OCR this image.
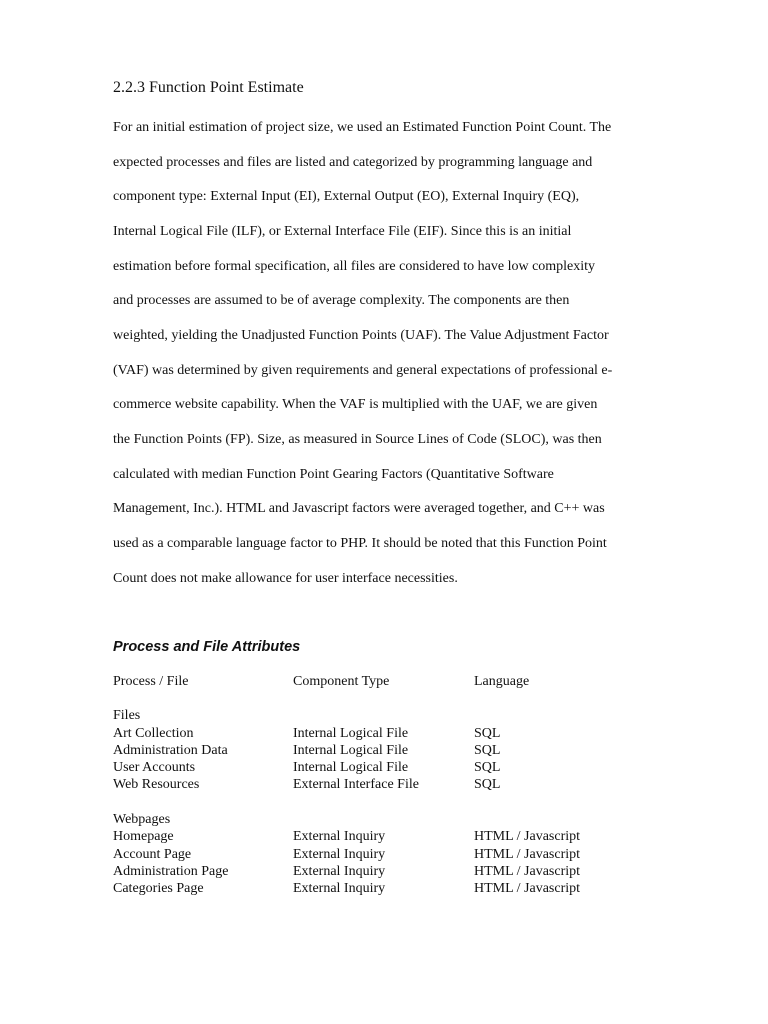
2.2.3 Function Point Estimate
For an initial estimation of project size, we used an Estimated Function Point Count. The
expected processes and files are listed and categorized by programming language and
component type: External Input (EI), External Output (EO), External Inquiry (EQ),
Internal Logical File (ILF), or External Interface File (EIF). Since this is an initial
estimation before formal specification, all files are considered to have low complexity
and processes are assumed to be of average complexity. The components are then
weighted, yielding the Unadjusted Function Points (UAF). The Value Adjustment Factor
(VAF) was determined by given requirements and general expectations of professional e-
commerce website capability. When the VAF is multiplied with the UAF, we are given
the Function Points (FP). Size, as measured in Source Lines of Code (SLOC), was then
calculated with median Function Point Gearing Factors (Quantitative Software
Management, Inc.). HTML and Javascript factors were averaged together, and C++ was
used as a comparable language factor to PHP. It should be noted that this Function Point
Count does not make allowance for user interface necessities.
Process and File Attributes
Process / File	Component Type	Language
Files
Art Collection	Internal Logical File	SQL
Administration Data	Internal Logical File	SQL
User Accounts	Internal Logical File	SQL
Web Resources	External Interface File	SQL
Webpages
Homepage	External Inquiry	HTML / Javascript
Account Page	External Inquiry	HTML / Javascript
Administration Page	External Inquiry	HTML / Javascript
Categories Page	External Inquiry	HTML / Javascript
